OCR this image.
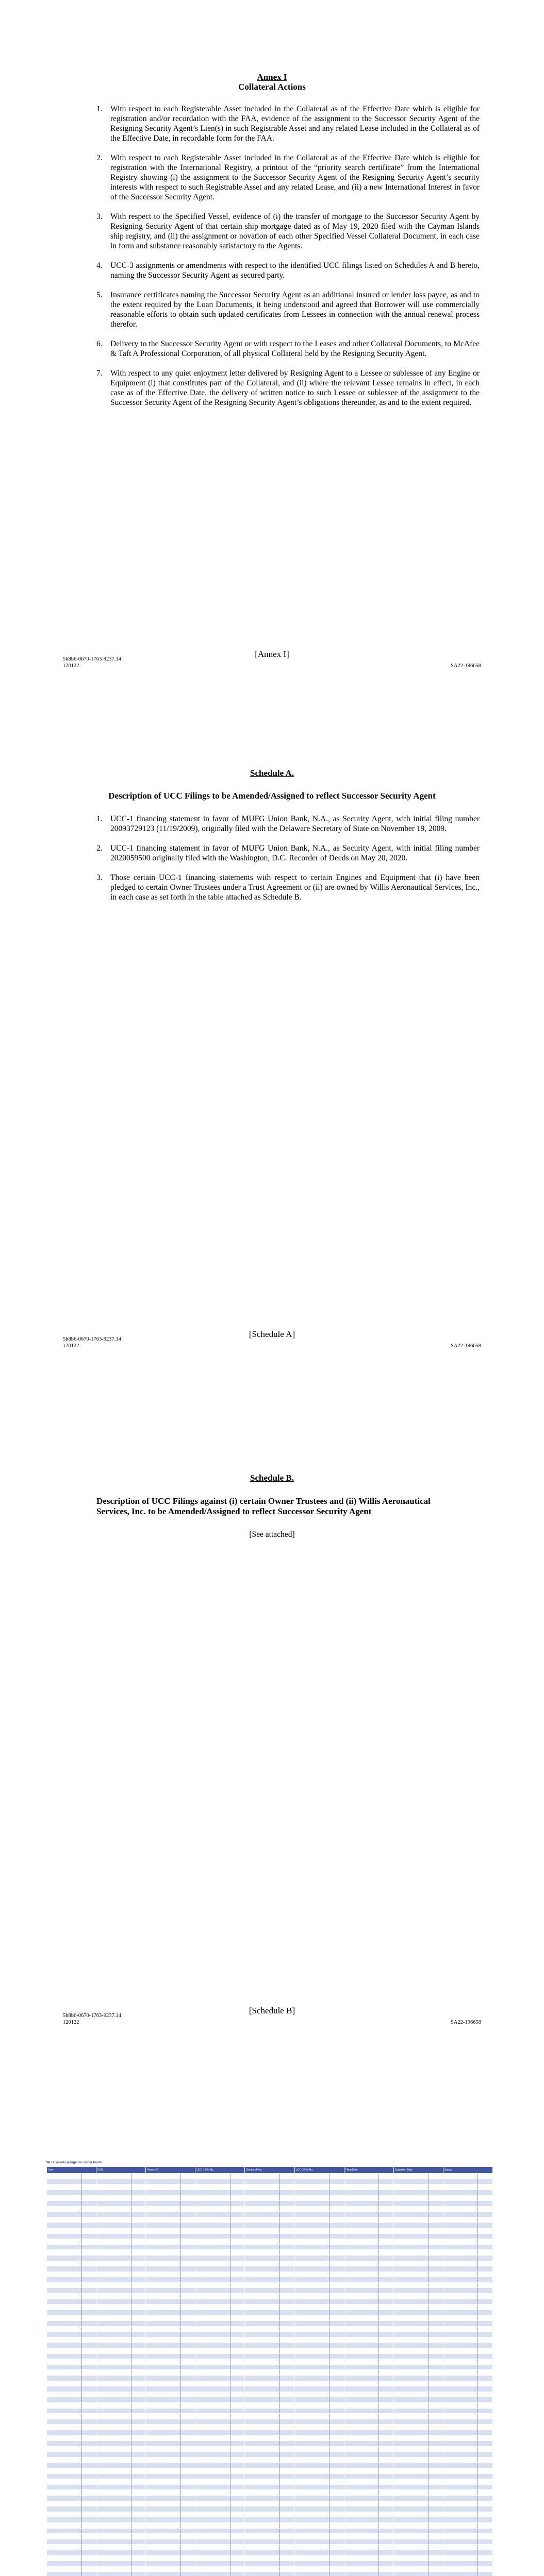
Annex I
Collateral Actions
1. With respect to each Registerable Asset included in the Collateral as of the Effective Date which is eligible for registration and/or recordation with the FAA, evidence of the assignment to the Successor Security Agent of the Resigning Security Agent’s Lien(s) in such Registrable Asset and any related Lease included in the Collateral as of the Effective Date, in recordable form for the FAA.
2. With respect to each Registerable Asset included in the Collateral as of the Effective Date which is eligible for registration with the International Registry, a printout of the “priority search certificate” from the International Registry showing (i) the assignment to the Successor Security Agent of the Resigning Security Agent’s security interests with respect to such Registrable Asset and any related Lease, and (ii) a new International Interest in favor of the Successor Security Agent.
3. With respect to the Specified Vessel, evidence of (i) the transfer of mortgage to the Successor Security Agent by Resigning Security Agent of that certain ship mortgage dated as of May 19, 2020 filed with the Cayman Islands ship registry, and (ii) the assignment or novation of each other Specified Vessel Collateral Document, in each case in form and substance reasonably satisfactory to the Agents.
4. UCC-3 assignments or amendments with respect to the identified UCC filings listed on Schedules A and B hereto, naming the Successor Security Agent as secured party.
5. Insurance certificates naming the Successor Security Agent as an additional insured or lender loss payee, as and to the extent required by the Loan Documents, it being understood and agreed that Borrower will use commercially reasonable efforts to obtain such updated certificates from Lessees in connection with the annual renewal process therefor.
6. Delivery to the Successor Security Agent or with respect to the Leases and other Collateral Documents, to McAfee & Taft A Professional Corporation, of all physical Collateral held by the Resigning Security Agent.
7. With respect to any quiet enjoyment letter delivered by Resigning Agent to a Lessee or sublessee of any Engine or Equipment (i) that constitutes part of the Collateral, and (ii) where the relevant Lessee remains in effect, in each case as of the Effective Date, the delivery of written notice to such Lessee or sublessee of the assignment to the Successor Security Agent of the Resigning Security Agent’s obligations thereunder, as and to the extent required.
5b8b6-0670-1763-9237.14
120122
[Annex I]
SA22-196658
Schedule A.
Description of UCC Filings to be Amended/Assigned to reflect Successor Security Agent
1. UCC-1 financing statement in favor of MUFG Union Bank, N.A., as Security Agent, with initial filing number 20093729123 (11/19/2009), originally filed with the Delaware Secretary of State on November 19, 2009.
2. UCC-1 financing statement in favor of MUFG Union Bank, N.A., as Security Agent, with initial filing number 2020059500 originally filed with the Washington, D.C. Recorder of Deeds on May 20, 2020.
3. Those certain UCC-1 financing statements with respect to certain Engines and Equipment that (i) have been pledged to certain Owner Trustees under a Trust Agreement or (ii) are owned by Willis Aeronautical Services, Inc., in each case as set forth in the table attached as Schedule B.
5b8b6-0670-1763-9237.14
120122
[Schedule A]
SA22-196658
Schedule B.
Description of UCC Filings against (i) certain Owner Trustees and (ii) Willis Aeronautical Services, Inc. to be Amended/Assigned to reflect Successor Security Agent
[See attached]
5b8b6-0670-1763-9237.14
120122
[Schedule B]
SA22-196658
WLFC assets pledged to owner trusts
Type	ESN	Owner ST	UCC-1 File No.	Debtor of Rec	UCC-3 File No.	Filing Date	Expiration Date	Status
